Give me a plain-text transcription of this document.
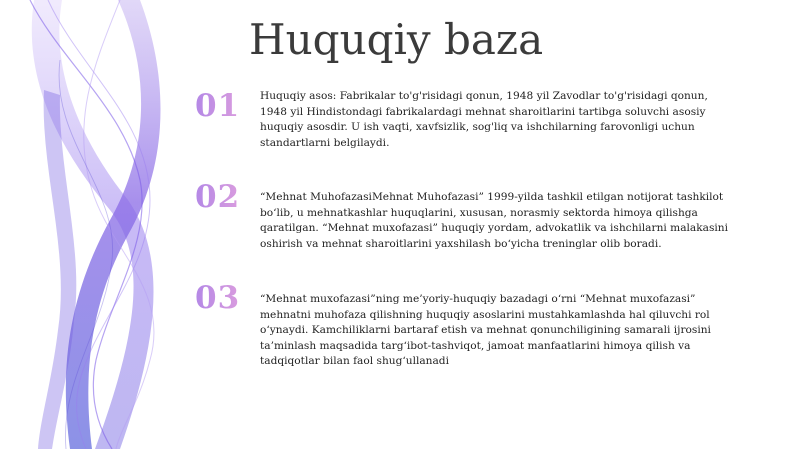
Huquqiy baza
01	Huquqiy asos: Fabrikalar to'g'risidagi qonun, 1948 yil Zavodlar to'g'risidagi qonun, 1948 yil Hindistondagi fabrikalardagi mehnat sharoitlarini tartibga soluvchi asosiy huquqiy asosdir. U ish vaqti, xavfsizlik, sog'liq va ishchilarning farovonligi uchun standartlarni belgilaydi.

02	“Mehnat MuhofazasiMehnat Muhofazasi” 1999-yilda tashkil etilgan notijorat tashkilot bo‘lib, u mehnatkashlar huquqlarini, xususan, norasmiy sektorda himoya qilishga qaratilgan. “Mehnat muxofazasi” huquqiy yordam, advokatlik va ishchilarni malakasini oshirish va mehnat sharoitlarini yaxshilash bo‘yicha treninglar olib boradi.

03	“Mehnat muxofazasi”ning me’yoriy-huquqiy bazadagi o‘rni “Mehnat muxofazasi” mehnatni muhofaza qilishning huquqiy asoslarini mustahkamlashda hal qiluvchi rol o‘ynaydi. Kamchiliklarni bartaraf etish va mehnat qonunchiligining samarali ijrosini ta’minlash maqsadida targ‘ibot-tashviqot, jamoat manfaatlarini himoya qilish va tadqiqotlar bilan faol shug‘ullanadi
